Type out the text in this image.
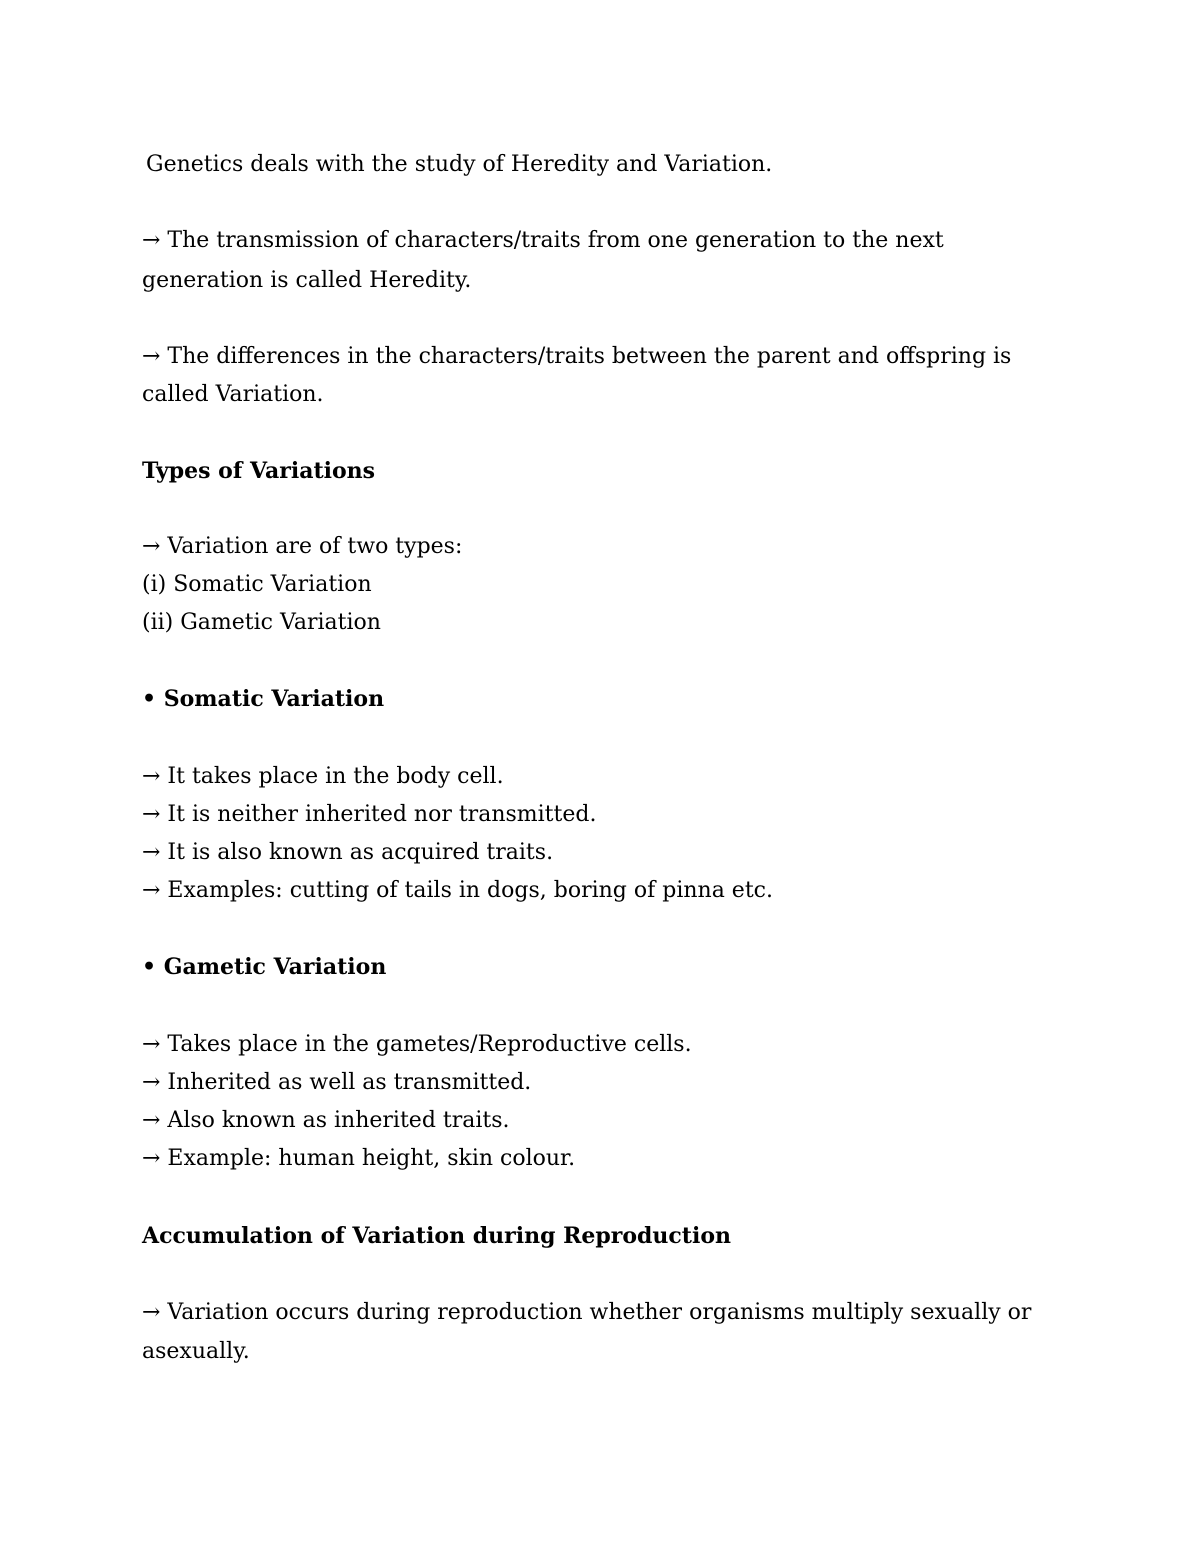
Genetics deals with the study of Heredity and Variation.
→ The transmission of characters/traits from one generation to the next
generation is called Heredity.
→ The differences in the characters/traits between the parent and offspring is
called Variation.
Types of Variations
→ Variation are of two types:
(i) Somatic Variation
(ii) Gametic Variation
• Somatic Variation
→ It takes place in the body cell.
→ It is neither inherited nor transmitted.
→ It is also known as acquired traits.
→ Examples: cutting of tails in dogs, boring of pinna etc.
• Gametic Variation
→ Takes place in the gametes/Reproductive cells.
→ Inherited as well as transmitted.
→ Also known as inherited traits.
→ Example: human height, skin colour.
Accumulation of Variation during Reproduction
→ Variation occurs during reproduction whether organisms multiply sexually or
asexually.
